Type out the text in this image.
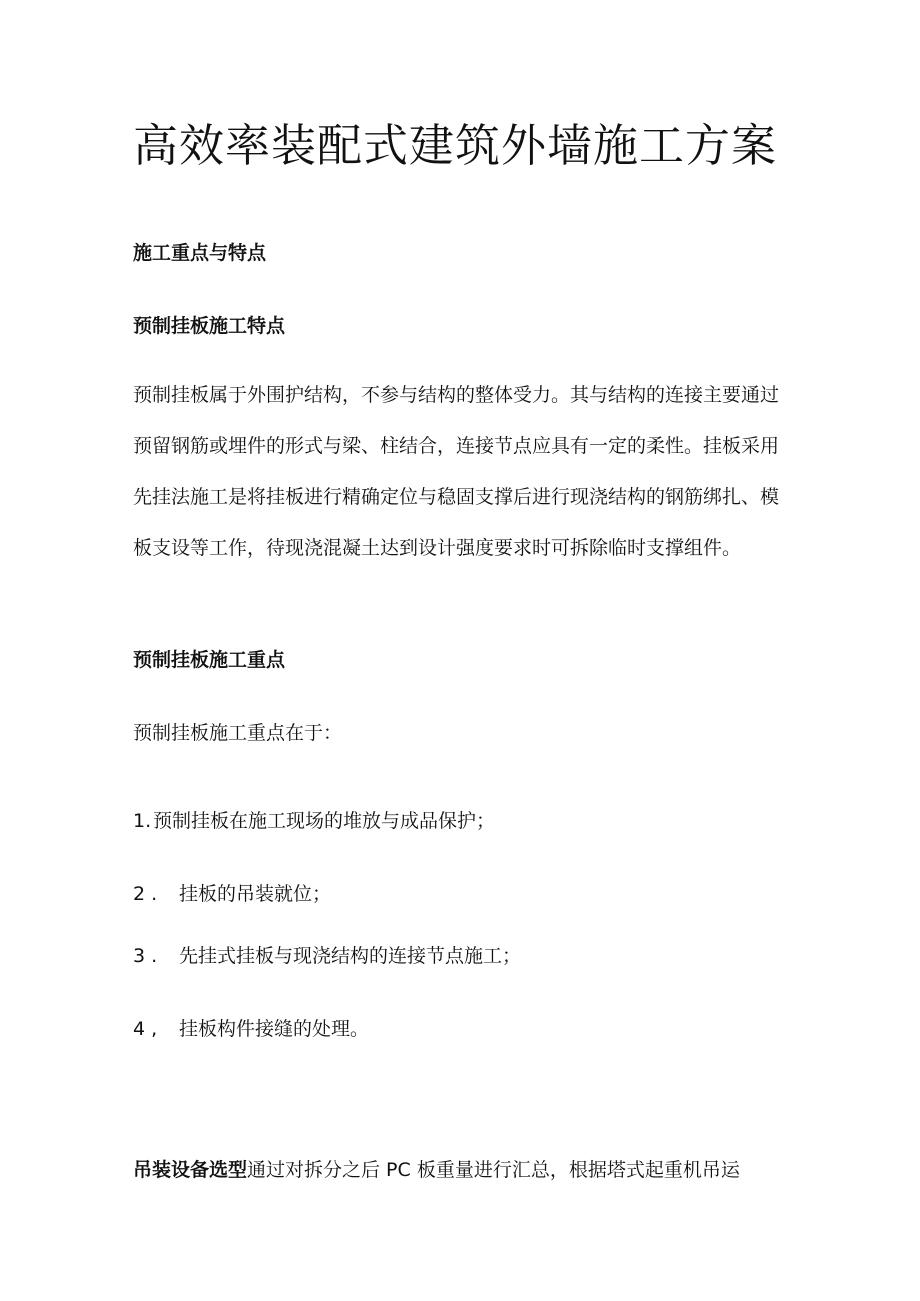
高效率装配式建筑外墙施工方案
施工重点与特点
预制挂板施工特点

预制挂板属于外围护结构，不参与结构的整体受力。其与结构的连接主要通过预留钢筋或埋件的形式与梁、柱结合，连接节点应具有一定的柔性。挂板采用先挂法施工是将挂板进行精确定位与稳固支撑后进行现浇结构的钢筋绑扎、模板支设等工作，待现浇混凝土达到设计强度要求时可拆除临时支撑组件。

预制挂板施工重点

预制挂板施工重点在于：

1.预制挂板在施工现场的堆放与成品保护；

2 . 挂板的吊装就位；

3 . 先挂式挂板与现浇结构的连接节点施工；

4 , 挂板构件接缝的处理。

吊装设备选型通过对拆分之后 PC 板重量进行汇总，根据塔式起重机吊运
